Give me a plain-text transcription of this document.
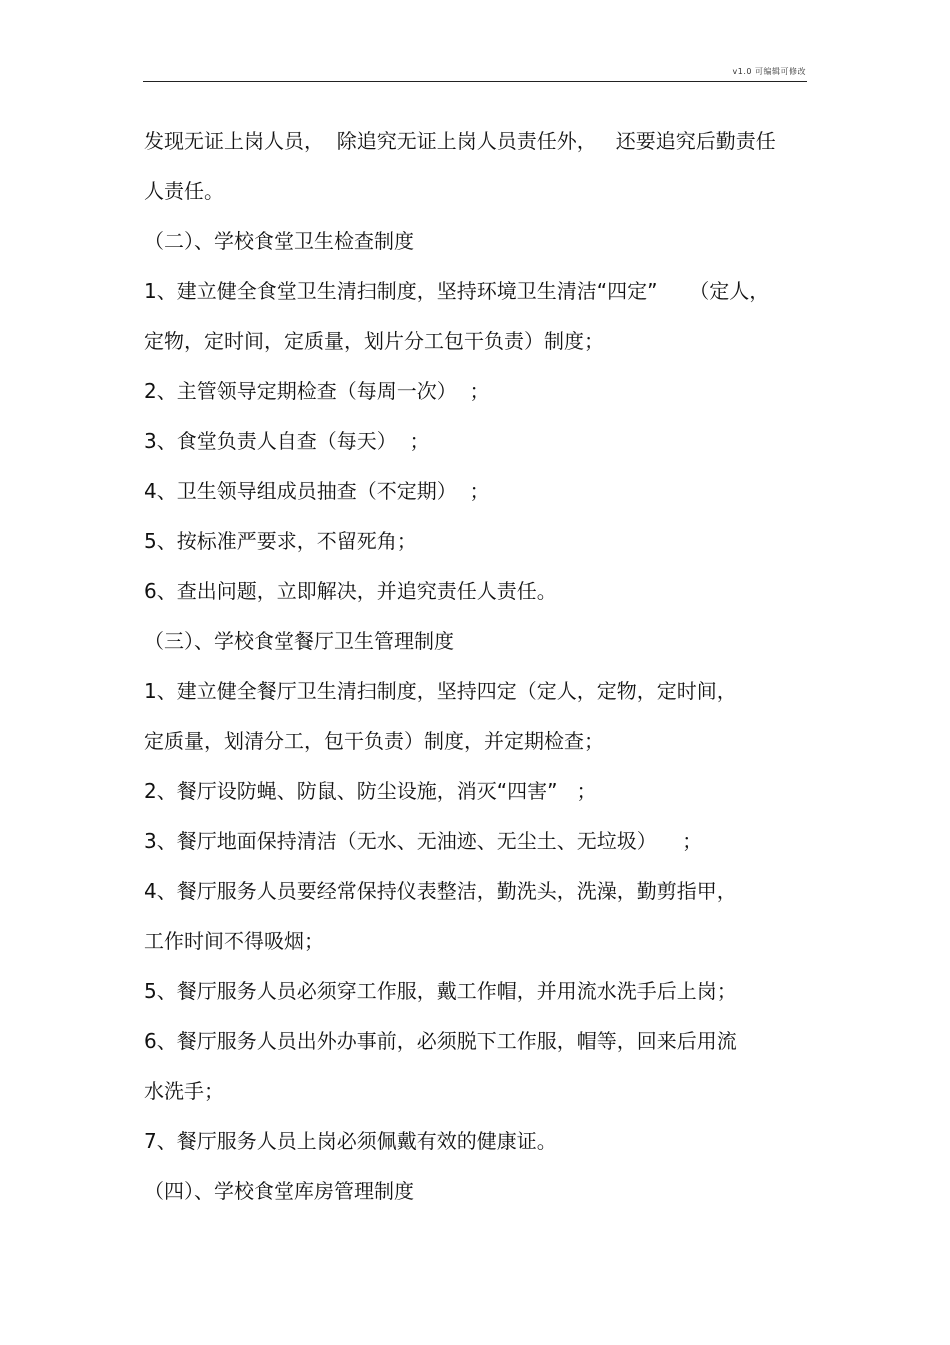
v1.0 可编辑可修改
发现无证上岗人员，  除追究无证上岗人员责任外，   还要追究后勤责任
人责任。
（二）、学校食堂卫生检查制度
1、建立健全食堂卫生清扫制度，坚持环境卫生清洁“四定”     （定人，
定物，定时间，定质量，划片分工包干负责）制度；
2、主管领导定期检查（每周一次）  ；
3、食堂负责人自查（每天）  ；
4、卫生领导组成员抽查（不定期）  ；
5、按标准严要求，不留死角；
6、查出问题，立即解决，并追究责任人责任。
（三）、学校食堂餐厅卫生管理制度
1、建立健全餐厅卫生清扫制度，坚持四定（定人，定物，定时间，
定质量，划清分工，包干负责）制度，并定期检查；
2、餐厅设防蝇、防鼠、防尘设施，消灭“四害”   ；
3、餐厅地面保持清洁（无水、无油迹、无尘土、无垃圾）    ；
4、餐厅服务人员要经常保持仪表整洁，勤洗头，洗澡，勤剪指甲，
工作时间不得吸烟；
5、餐厅服务人员必须穿工作服，戴工作帽，并用流水洗手后上岗；
6、餐厅服务人员出外办事前，必须脱下工作服，帽等，回来后用流
水洗手；
7、餐厅服务人员上岗必须佩戴有效的健康证。
（四）、学校食堂库房管理制度
